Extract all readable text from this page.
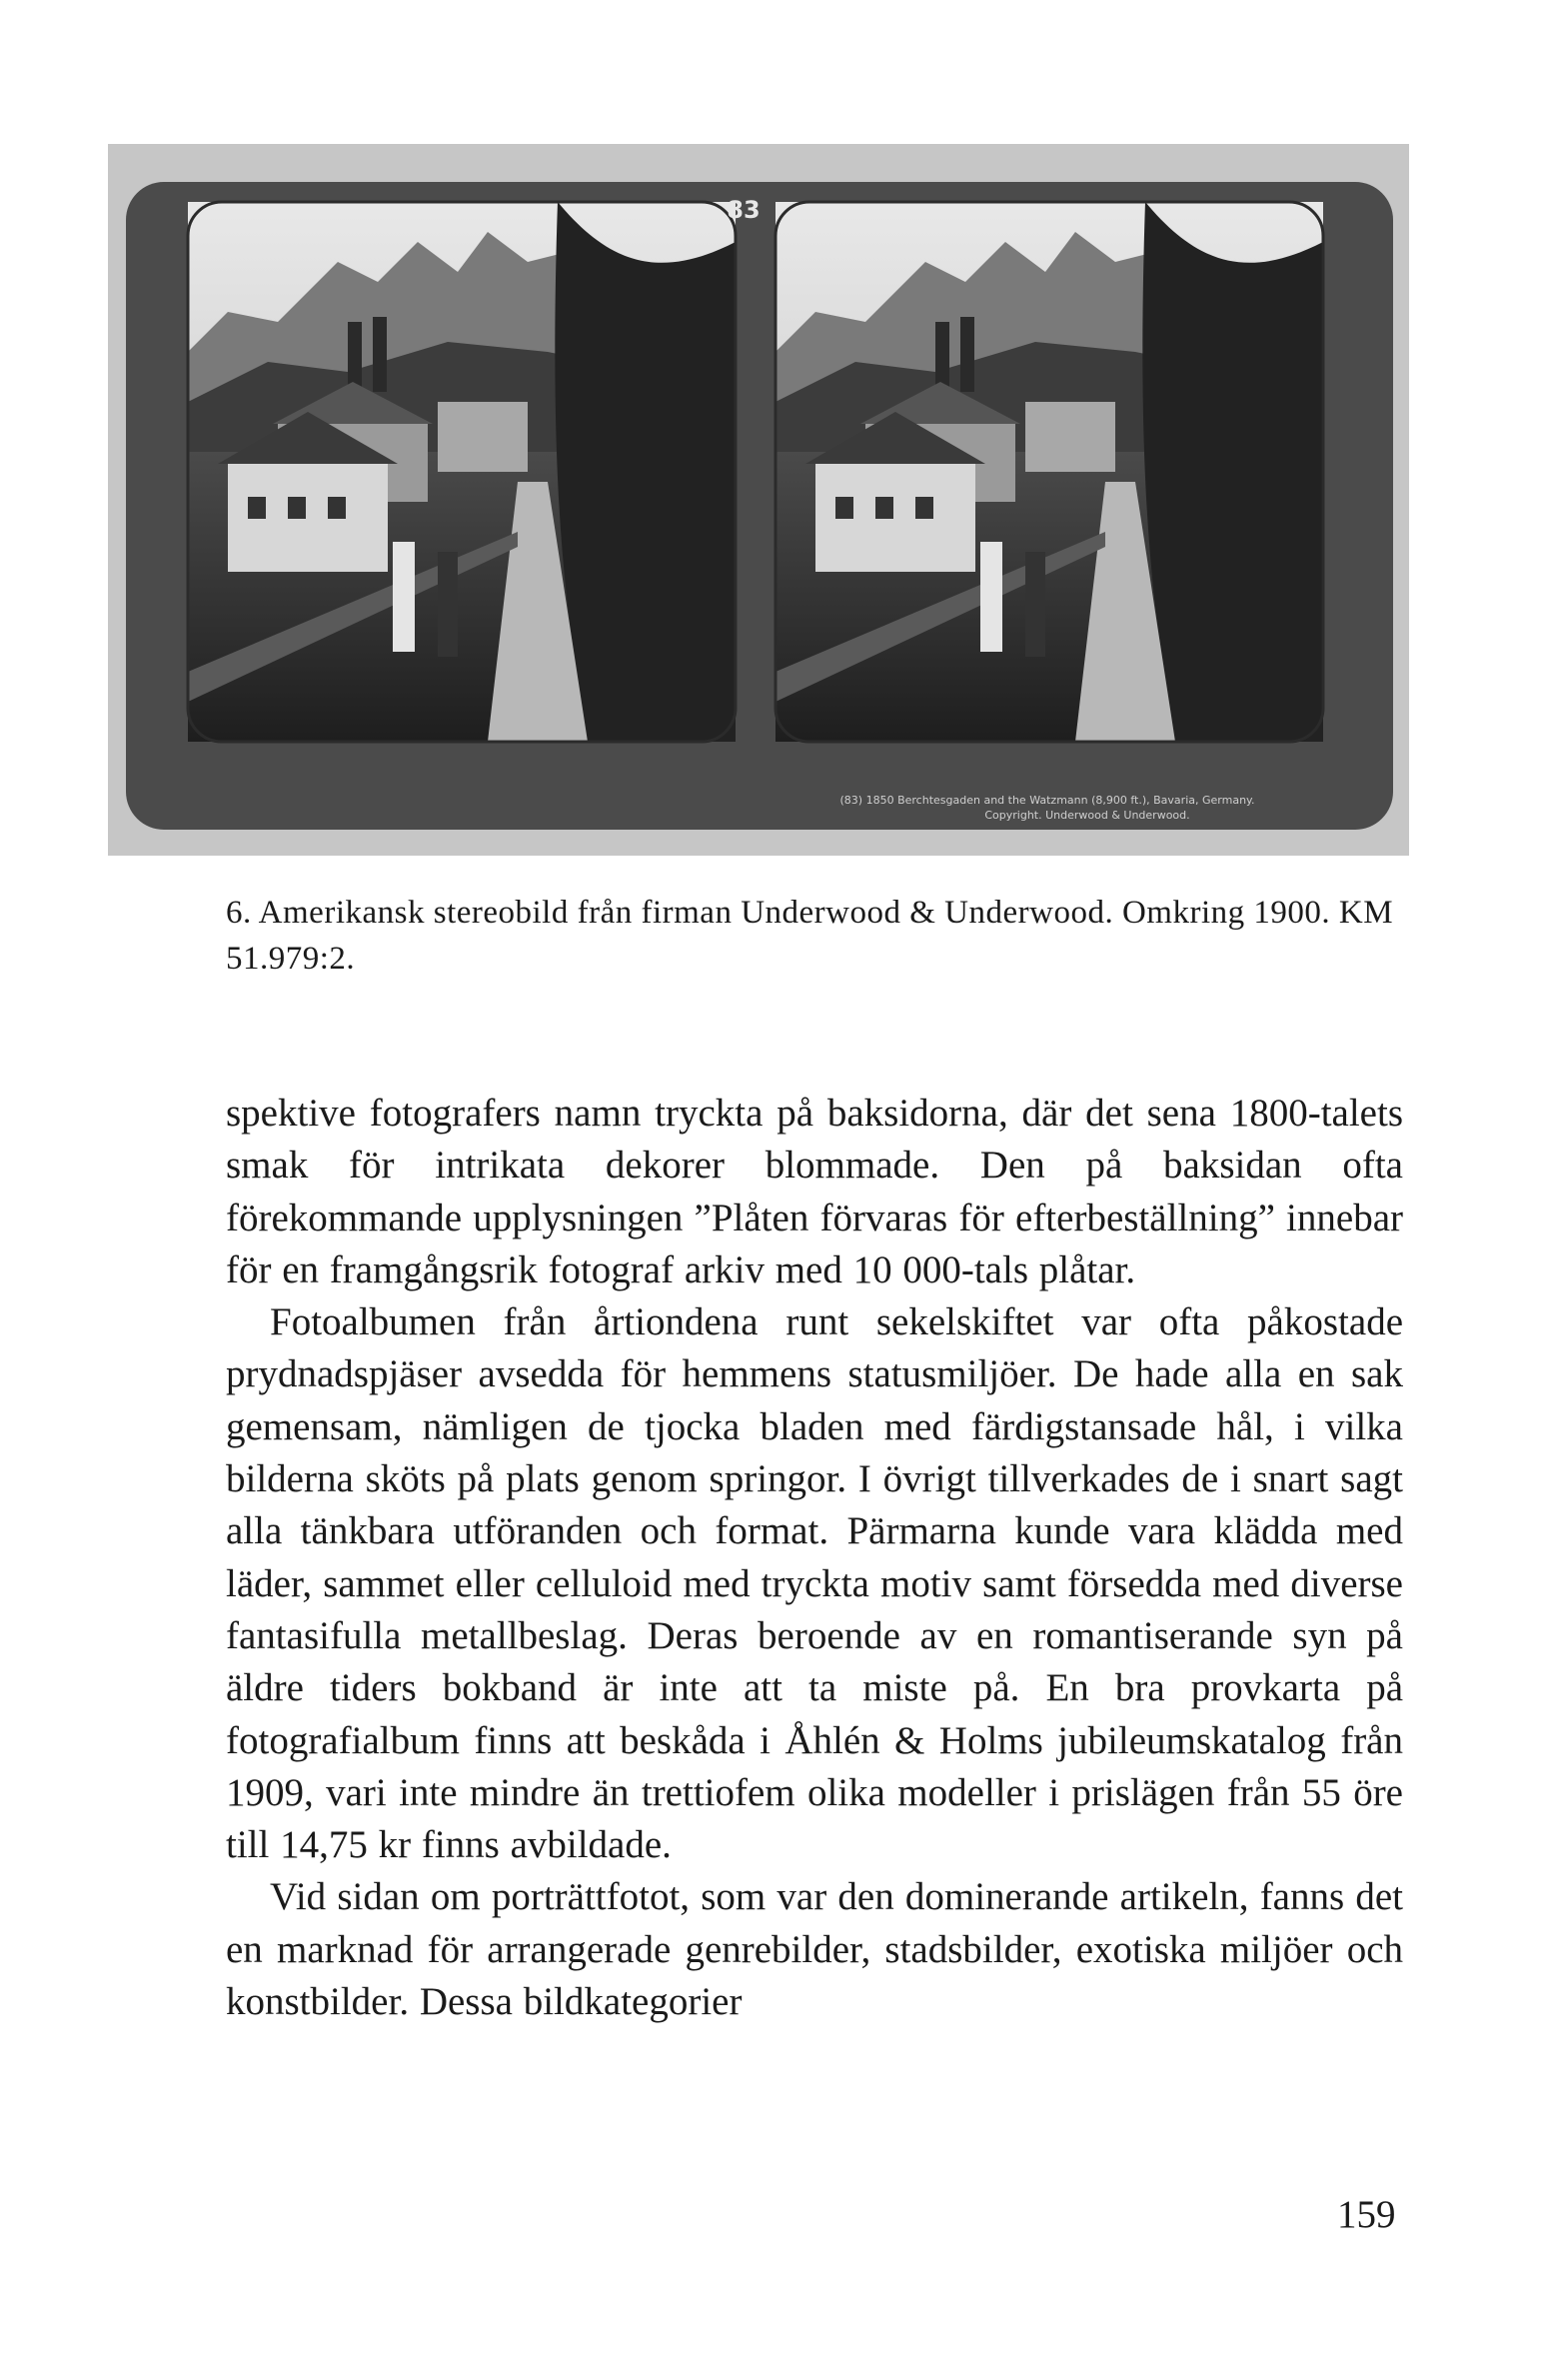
83
(83) 1850 Berchtesgaden and the Watzmann (8,900 ft.), Bavaria, Germany.
Copyright. Underwood & Underwood.

6. Amerikansk stereobild från firman Underwood & Underwood. Omkring 1900. KM 51.979:2.

spektive fotografers namn tryckta på baksidorna, där det sena 1800-talets smak för intrikata dekorer blommade. Den på baksidan ofta förekommande upplysningen ”Plåten förvaras för efterbeställning” innebar för en framgångsrik fotograf arkiv med 10 000-tals plåtar.

Fotoalbumen från årtiondena runt sekelskiftet var ofta påkostade prydnadspjäser avsedda för hemmens statusmiljöer. De hade alla en sak gemensam, nämligen de tjocka bladen med färdigstansade hål, i vilka bilderna sköts på plats genom springor. I övrigt tillverkades de i snart sagt alla tänkbara utföranden och format. Pärmarna kunde vara klädda med läder, sammet eller celluloid med tryckta motiv samt försedda med diverse fantasifulla metallbeslag. Deras beroende av en romantiserande syn på äldre tiders bokband är inte att ta miste på. En bra provkarta på fotografialbum finns att beskåda i Åhlén & Holms jubileumskatalog från 1909, vari inte mindre än trettiofem olika modeller i prislägen från 55 öre till 14,75 kr finns avbildade.

Vid sidan om porträttfotot, som var den dominerande artikeln, fanns det en marknad för arrangerade genrebilder, stadsbilder, exotiska miljöer och konstbilder. Dessa bildkategorier

159
